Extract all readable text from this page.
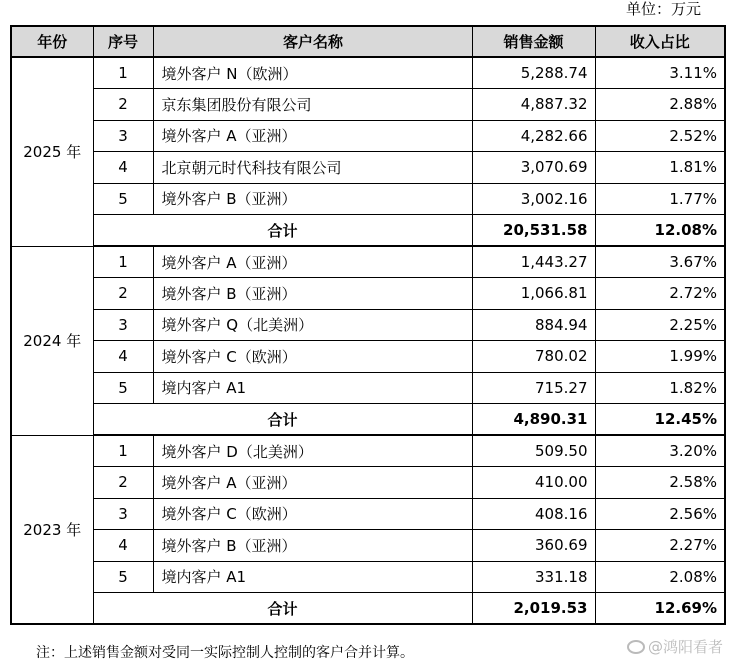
单位：万元
年份	序号	客户名称	销售金额	收入占比
2025 年	1	境外客户 N（欧洲）	5,288.74	3.11%
	2	京东集团股份有限公司	4,887.32	2.88%
	3	境外客户 A（亚洲）	4,282.66	2.52%
	4	北京朝元时代科技有限公司	3,070.69	1.81%
	5	境外客户 B（亚洲）	3,002.16	1.77%
	合计		20,531.58	12.08%
2024 年	1	境外客户 A（亚洲）	1,443.27	3.67%
	2	境外客户 B（亚洲）	1,066.81	2.72%
	3	境外客户 Q（北美洲）	884.94	2.25%
	4	境外客户 C（欧洲）	780.02	1.99%
	5	境内客户 A1	715.27	1.82%
	合计		4,890.31	12.45%
2023 年	1	境外客户 D（北美洲）	509.50	3.20%
	2	境外客户 A（亚洲）	410.00	2.58%
	3	境外客户 C（欧洲）	408.16	2.56%
	4	境外客户 B（亚洲）	360.69	2.27%
	5	境内客户 A1	331.18	2.08%
	合计		2,019.53	12.69%
注：上述销售金额对受同一实际控制人控制的客户合并计算。	@鸿阳看者
